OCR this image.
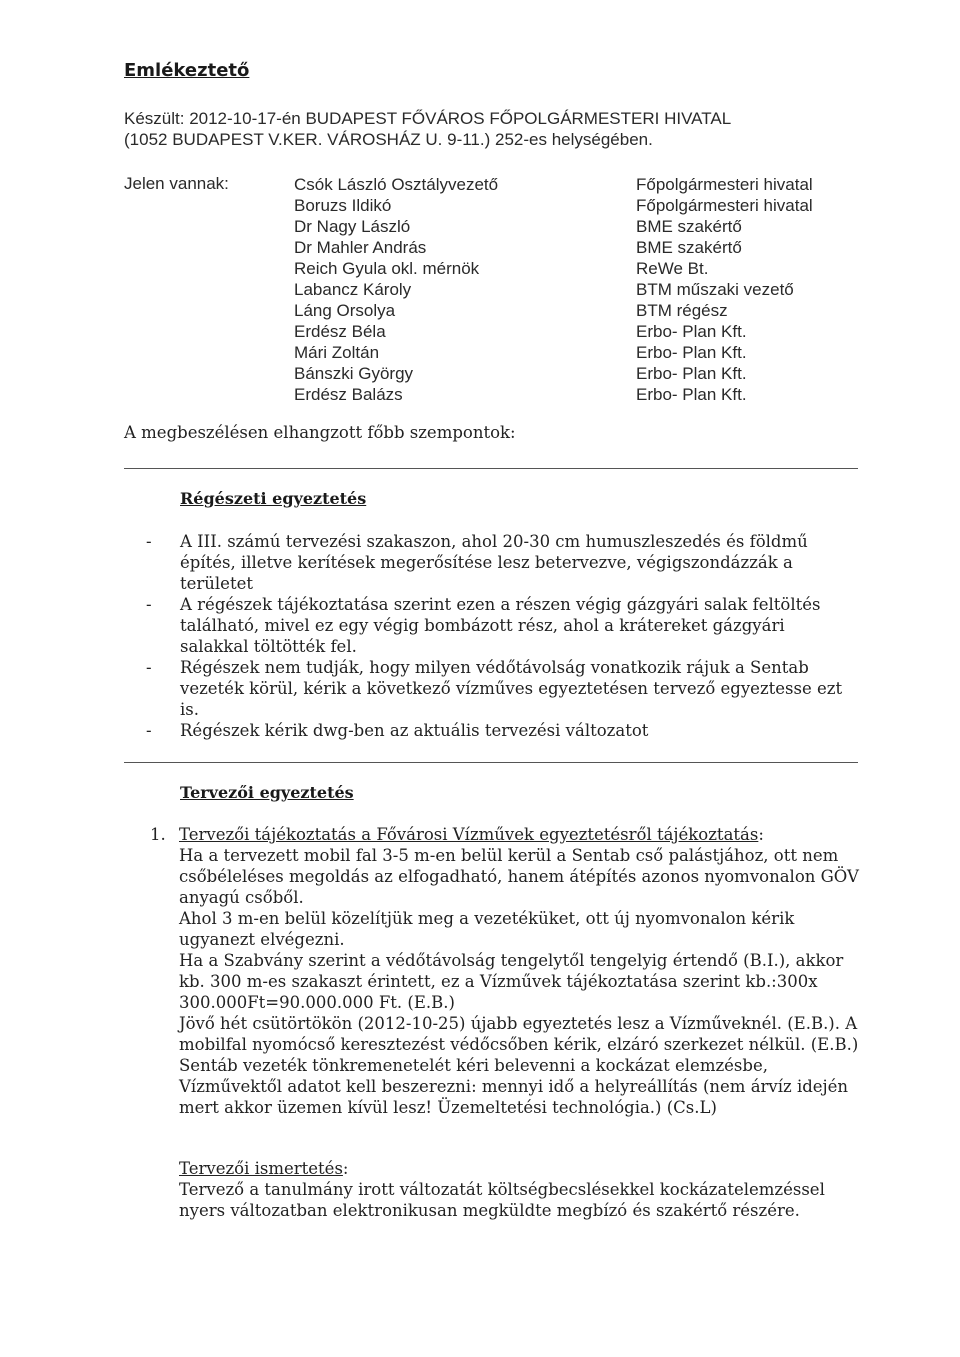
Emlékeztető
Készült: 2012-10-17-én BUDAPEST FŐVÁROS FŐPOLGÁRMESTERI HIVATAL
(1052 BUDAPEST V.KER. VÁROSHÁZ U. 9-11.) 252-es helységében.
Jelen vannak:	Csók László Osztályvezető
Boruzs Ildikó
Dr Nagy László
Dr Mahler András
Reich Gyula okl. mérnök
Labancz Károly
Láng Orsolya
Erdész Béla
Mári Zoltán
Bánszki György
Erdész Balázs
Főpolgármesteri hivatal
Főpolgármesteri hivatal
BME szakértő
BME szakértő
ReWe Bt.
BTM műszaki vezető
BTM régész
Erbo- Plan Kft.
Erbo- Plan Kft.
Erbo- Plan Kft.
Erbo- Plan Kft.
A megbeszélésen elhangzott főbb szempontok:
Régészeti egyeztetés
- A III. számú tervezési szakaszon, ahol 20-30 cm humuszleszedés és földmű építés, illetve kerítések megerősítése lesz betervezve, végigszondázzák a területet
- A régészek tájékoztatása szerint ezen a részen végig gázgyári salak feltöltés található, mivel ez egy végig bombázott rész, ahol a krátereket gázgyári salakkal töltötték fel.
- Régészek nem tudják, hogy milyen védőtávolság vonatkozik rájuk a Sentab vezeték körül, kérik a következő vízműves egyeztetésen tervező egyeztesse ezt is.
- Régészek kérik dwg-ben az aktuális tervezési változatot
Tervezői egyeztetés
1. Tervezői tájékoztatás a Fővárosi Vízművek egyeztetésről tájékoztatás:

Ha a tervezett mobil fal 3-5 m-en belül kerül a Sentab cső palástjához, ott nem csőbéleléses megoldás az elfogadható, hanem átépítés azonos nyomvonalon GÖV anyagú csőből.

Ahol 3 m-en belül közelítjük meg a vezetéküket, ott új nyomvonalon kérik ugyanezt elvégezni.

Ha a Szabvány szerint a védőtávolság tengelytől tengelyig értendő (B.I.), akkor kb. 300 m-es szakaszt érintett, ez a Vízművek tájékoztatása szerint kb.:300x 300.000Ft=90.000.000 Ft. (E.B.)

Jövő hét csütörtökön (2012-10-25) újabb egyeztetés lesz a Vízműveknél. (E.B.). A mobilfal nyomócső keresztezést védőcsőben kérik, elzáró szerkezet nélkül. (E.B.) Sentáb vezeték tönkremenetelét kéri belevenni a kockázat elemzésbe, Vízművektől adatot kell beszerezni: mennyi idő a helyreállítás (nem árvíz idején mert akkor üzemen kívül lesz! Üzemeltetési technológia.) (Cs.L)

Tervezői ismertetés:

Tervező a tanulmány irott változatát költségbecslésekkel kockázatelemzéssel nyers változatban elektronikusan megküldte megbízó és szakértő részére.
